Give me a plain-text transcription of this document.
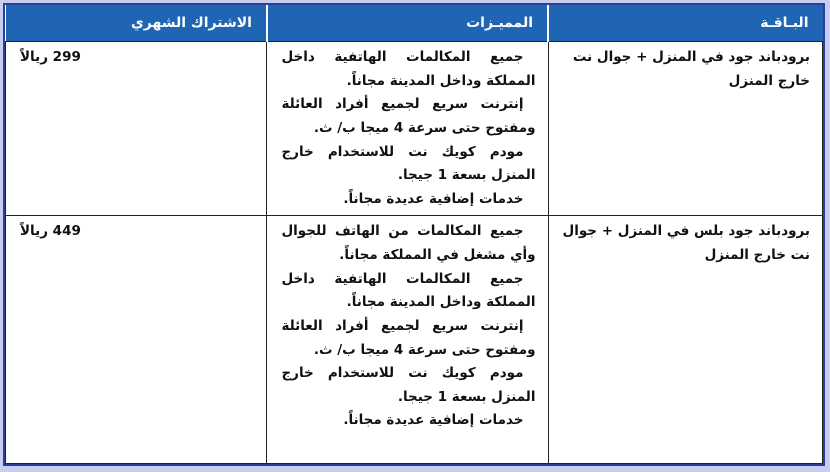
البـاقـة	المميـزات	الاشتراك الشهري
برودباند جود في المنزل + جوال نت خارج المنزل	جميع المكالمات الهاتفية داخل المملكة وداخل المدينة مجاناً.
إنترنت سريع لجميع أفراد العائلة ومفتوح حتى سرعة 4 ميجا ب/ ث.
مودم كويك نت للاستخدام خارج المنزل بسعة 1 جيجا.
خدمات إضافية عديدة مجاناً.	299 ريالاً
برودباند جود بلس في المنزل + جوال نت خارج المنزل	جميع المكالمات من الهاتف للجوال وأي مشغل في المملكة مجاناً.
جميع المكالمات الهاتفية داخل المملكة وداخل المدينة مجاناً.
إنترنت سريع لجميع أفراد العائلة ومفتوح حتى سرعة 4 ميجا ب/ ث.
مودم كويك نت للاستخدام خارج المنزل بسعة 1 جيجا.
خدمات إضافية عديدة مجاناً.	449 ريالاً
